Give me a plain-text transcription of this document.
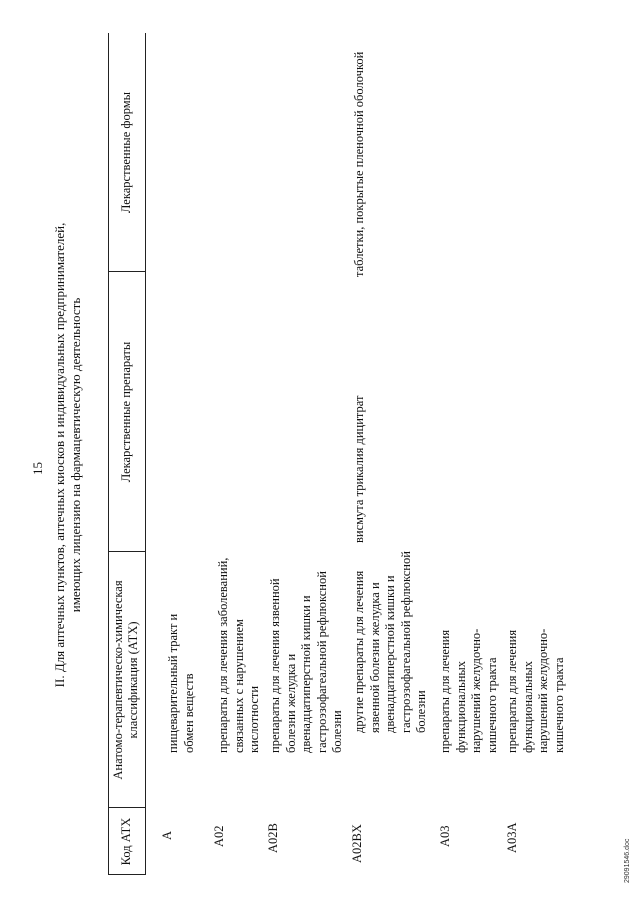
15 II. Для аптечных пунктов, аптечных киосков и индивидуальных предпринимателей, имеющих лицензию на фармацевтическую деятельность
Код АТХ
Анатомо-терапевтическо-химическая классификация (АТХ)
Лекарственные препараты
Лекарственные формы
A
пищеварительный тракт и обмен веществ
A02
препараты для лечения заболеваний, связанных с нарушением кислотности
A02B
препараты для лечения язвенной болезни желудка и двенадцатиперстной кишки и гастроэзофагеальной рефлюксной болезни
A02BX
другие препараты для лечения язвенной болезни желудка и двенадцатиперстной кишки и гастроэзофагеальной рефлюксной болезни
висмута трикалия дицитрат
таблетки, покрытые пленочной оболочкой
A03
препараты для лечения функциональных нарушений желудочно-кишечного тракта
A03A
препараты для лечения функциональных нарушений желудочно-кишечного тракта
29091546.doc
